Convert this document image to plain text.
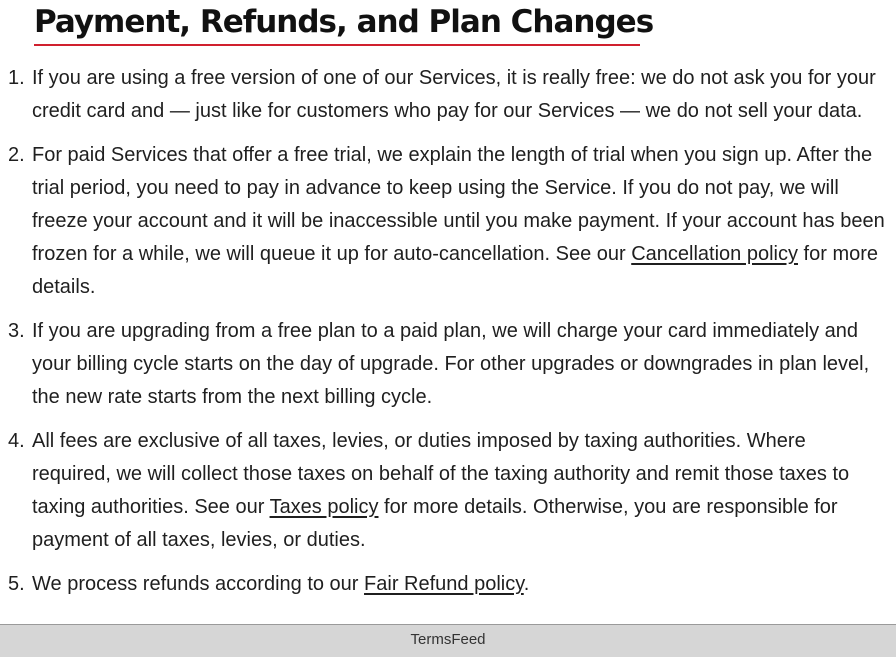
Payment, Refunds, and Plan Changes
1. If you are using a free version of one of our Services, it is really free: we do not ask you for your credit card and — just like for customers who pay for our Services — we do not sell your data.
2. For paid Services that offer a free trial, we explain the length of trial when you sign up. After the trial period, you need to pay in advance to keep using the Service. If you do not pay, we will freeze your account and it will be inaccessible until you make payment. If your account has been frozen for a while, we will queue it up for auto-cancellation. See our Cancellation policy for more details.
3. If you are upgrading from a free plan to a paid plan, we will charge your card immediately and your billing cycle starts on the day of upgrade. For other upgrades or downgrades in plan level, the new rate starts from the next billing cycle.
4. All fees are exclusive of all taxes, levies, or duties imposed by taxing authorities. Where required, we will collect those taxes on behalf of the taxing authority and remit those taxes to taxing authorities. See our Taxes policy for more details. Otherwise, you are responsible for payment of all taxes, levies, or duties.
5. We process refunds according to our Fair Refund policy.
TermsFeed
